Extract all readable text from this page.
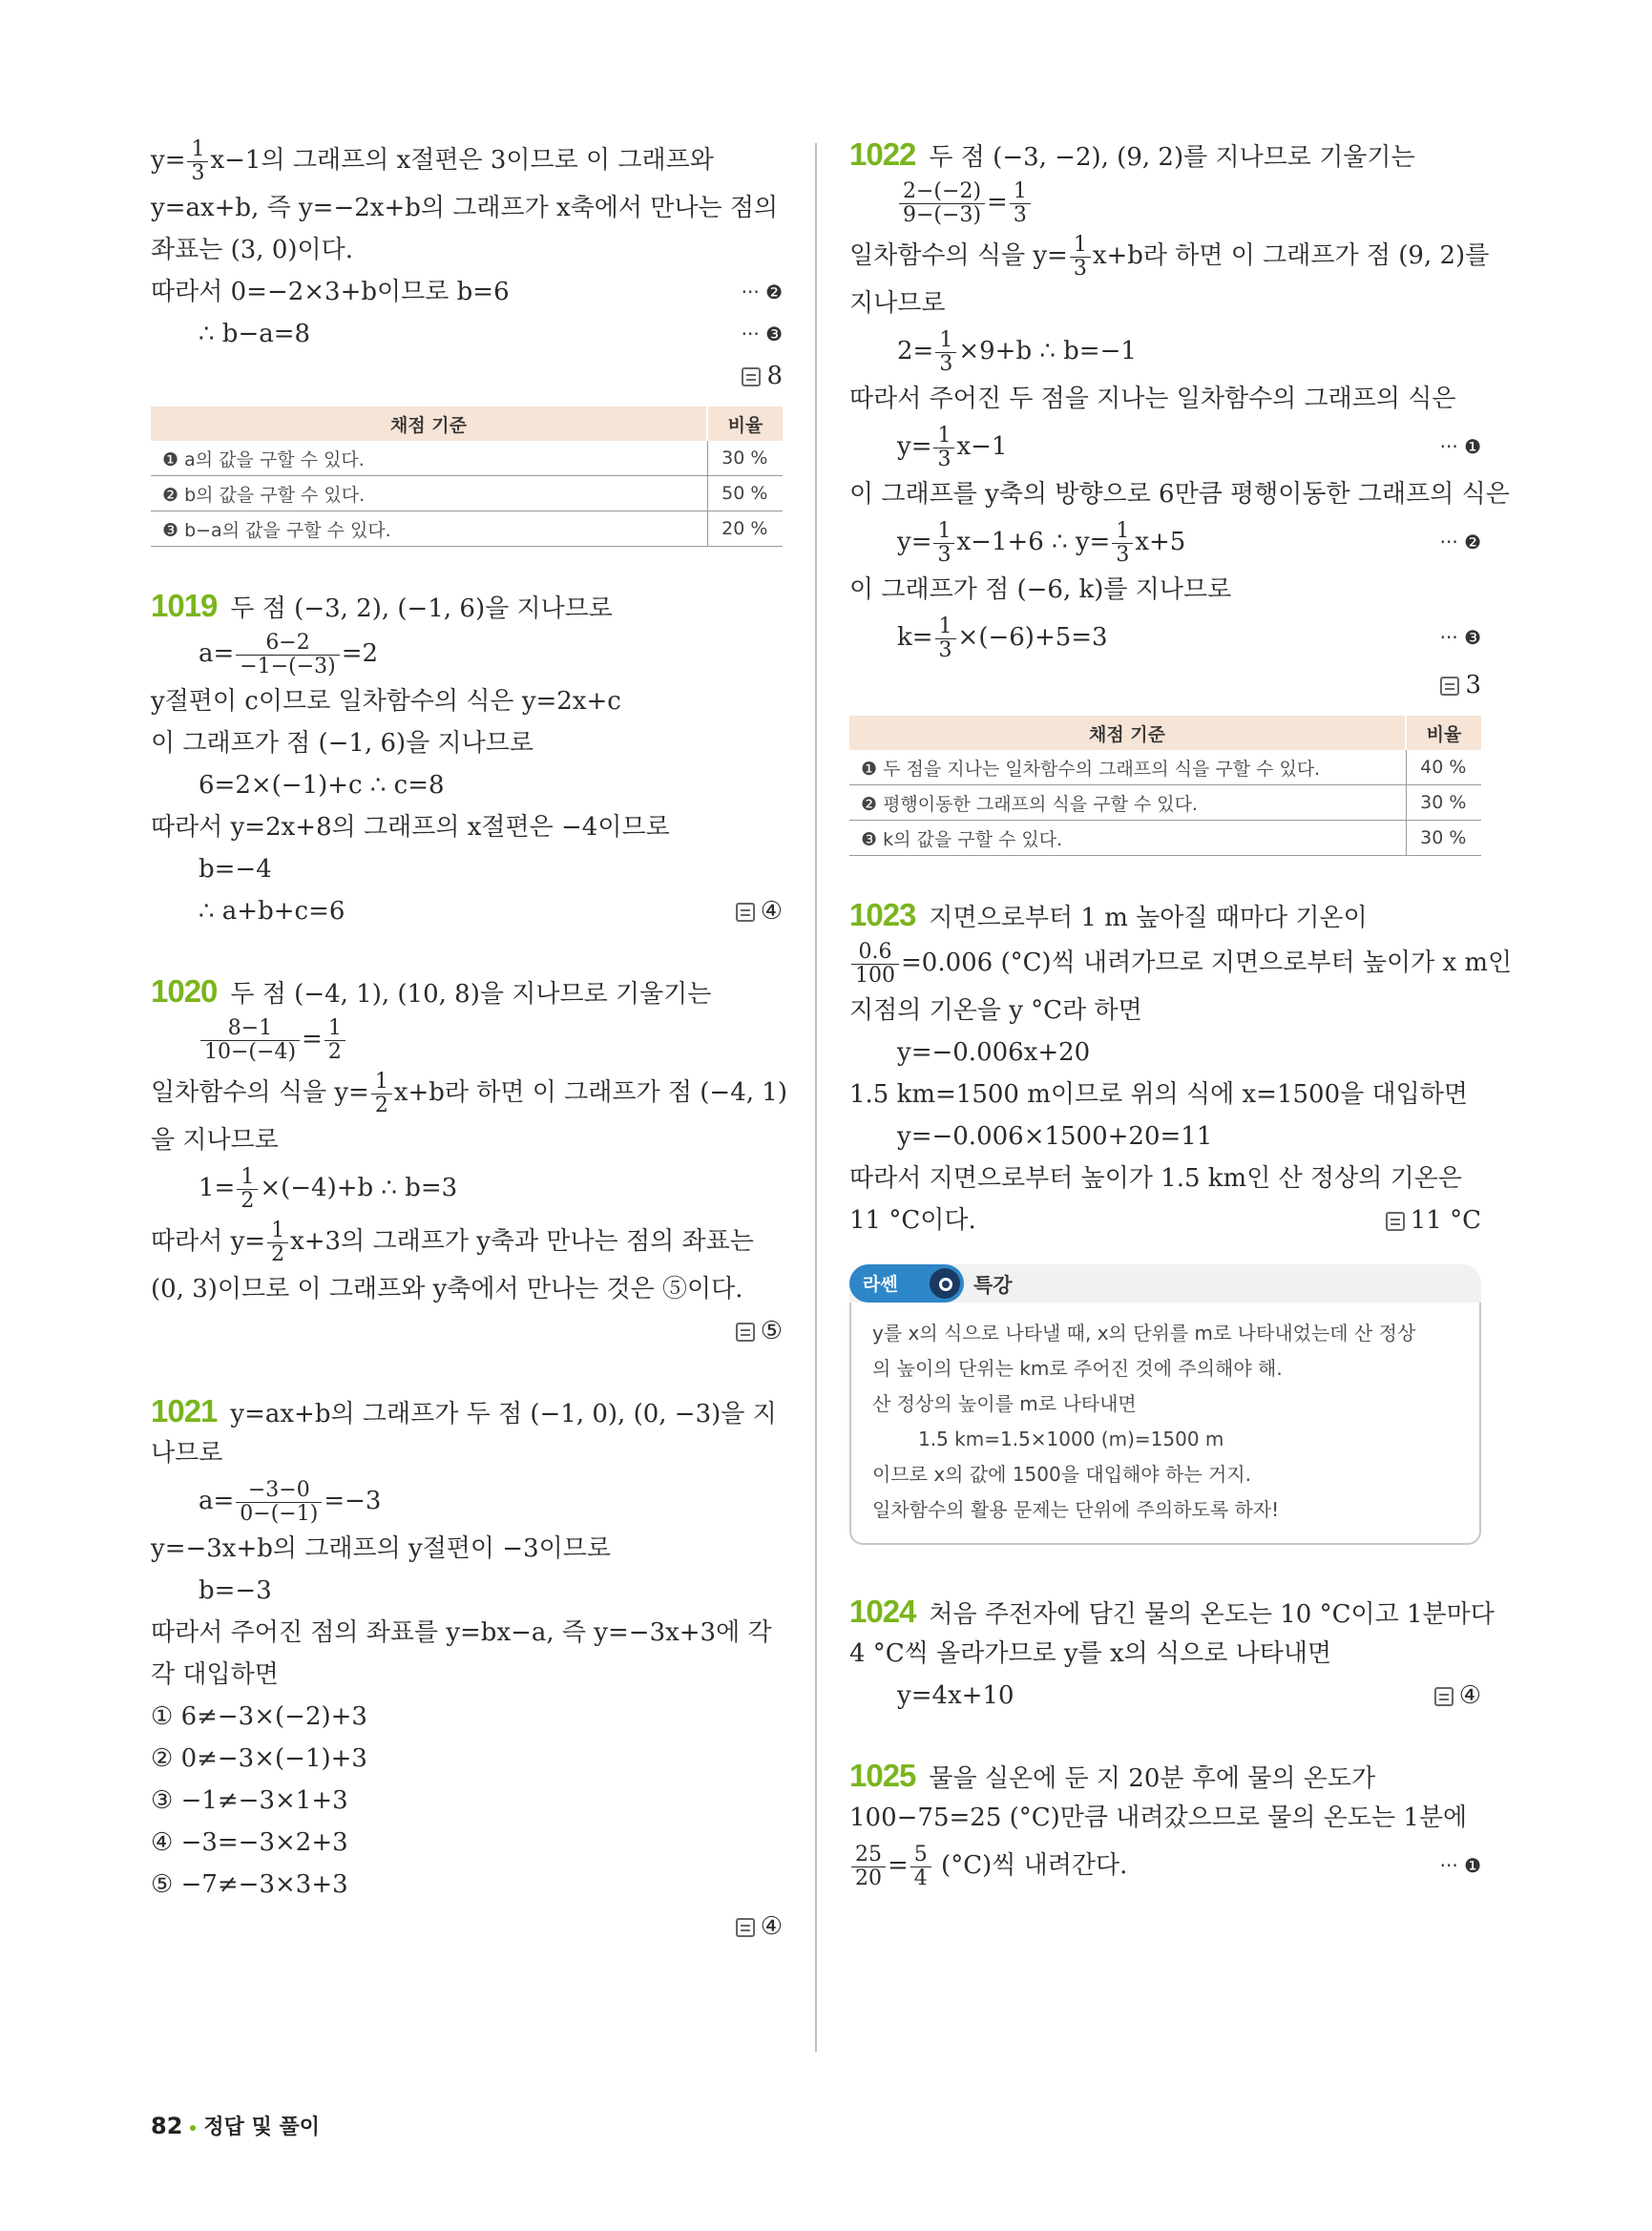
$y= \frac{1}{3} x-1$의 그래프의 x절편은 3이므로 이 그래프와
y=ax+b, 즉 y=−2x+b의 그래프가 x축에서 만나는 점의
좌표는 (3, 0)이다.
따라서 0=−2×3+b이므로 b=6	··· ❷
∴ b−a=8	··· ❸
8
채점 기준	비율
❶ a의 값을 구할 수 있다.	30 %
❷ b의 값을 구할 수 있다.	50 %
❸ b−a의 값을 구할 수 있다.	20 %
1019 두 점 (−3, 2), (−1, 6)을 지나므로
$a= \frac{6-2}{-1-(-3)} =2$
y절편이 c이므로 일차함수의 식은 y=2x+c
이 그래프가 점 (−1, 6)을 지나므로
6=2×(−1)+c ∴ c=8
따라서 y=2x+8의 그래프의 x절편은 −4이므로
b=−4
∴ a+b+c=6	④
1020 두 점 (−4, 1), (10, 8)을 지나므로 기울기는
$\frac{8-1}{10-(-4)} = \frac{1}{2}$
일차함수의 식을 $y= \frac{1}{2} x+b$라 하면 이 그래프가 점 (−4, 1)
을 지나므로
$1= \frac{1}{2} \times(-4)+b$ ∴ b=3
따라서 $y= \frac{1}{2} x+3$의 그래프가 y축과 만나는 점의 좌표는
(0, 3)이므로 이 그래프와 y축에서 만나는 것은 ⑤이다.
⑤
1021 y=ax+b의 그래프가 두 점 (−1, 0), (0, −3)을 지
나므로
$a= \frac{-3-0}{0-(-1)} =-3$
y=−3x+b의 그래프의 y절편이 −3이므로
b=−3
따라서 주어진 점의 좌표를 y=bx−a, 즉 y=−3x+3에 각
각 대입하면
① 6≠−3×(−2)+3
② 0≠−3×(−1)+3
③ −1≠−3×1+3
④ −3=−3×2+3
⑤ −7≠−3×3+3
④
1022 두 점 (−3, −2), (9, 2)를 지나므로 기울기는
$\frac{2-(-2)}{9-(-3)} = \frac{1}{3}$
일차함수의 식을 $y= \frac{1}{3} x+b$라 하면 이 그래프가 점 (9, 2)를
지나므로
$2= \frac{1}{3} \times 9+b$ ∴ b=−1
따라서 주어진 두 점을 지나는 일차함수의 그래프의 식은
$y= \frac{1}{3} x-1$	··· ❶
이 그래프를 y축의 방향으로 6만큼 평행이동한 그래프의 식은
$y= \frac{1}{3} x-1+6$ ∴ $y= \frac{1}{3} x+5$	··· ❷
이 그래프가 점 (−6, k)를 지나므로
$k= \frac{1}{3} \times(-6)+5=3$	··· ❸
3
채점 기준	비율
❶ 두 점을 지나는 일차함수의 그래프의 식을 구할 수 있다.	40 %
❷ 평행이동한 그래프의 식을 구할 수 있다.	30 %
❸ k의 값을 구할 수 있다.	30 %
1023 지면으로부터 1 m 높아질 때마다 기온이
$\frac{0.6}{100} =0.006$ (°C)씩 내려가므로 지면으로부터 높이가 x m인
지점의 기온을 y °C라 하면
y=−0.006x+20
1.5 km=1500 m이므로 위의 식에 x=1500을 대입하면
y=−0.006×1500+20=11
따라서 지면으로부터 높이가 1.5 km인 산 정상의 기온은
11 °C이다.	11 °C
라쎈	특강
y를 x의 식으로 나타낼 때, x의 단위를 m로 나타내었는데 산 정상
의 높이의 단위는 km로 주어진 것에 주의해야 해.
산 정상의 높이를 m로 나타내면
1.5 km=1.5×1000 (m)=1500 m
이므로 x의 값에 1500을 대입해야 하는 거지.
일차함수의 활용 문제는 단위에 주의하도록 하자!
1024 처음 주전자에 담긴 물의 온도는 10 °C이고 1분마다
4 °C씩 올라가므로 y를 x의 식으로 나타내면
y=4x+10	④
1025 물을 실온에 둔 지 20분 후에 물의 온도가
100−75=25 (°C)만큼 내려갔으므로 물의 온도는 1분에
$\frac{25}{20} = \frac{5}{4} (^\circ C)$씩 내려간다.	··· ❶
82 정답 및 풀이
